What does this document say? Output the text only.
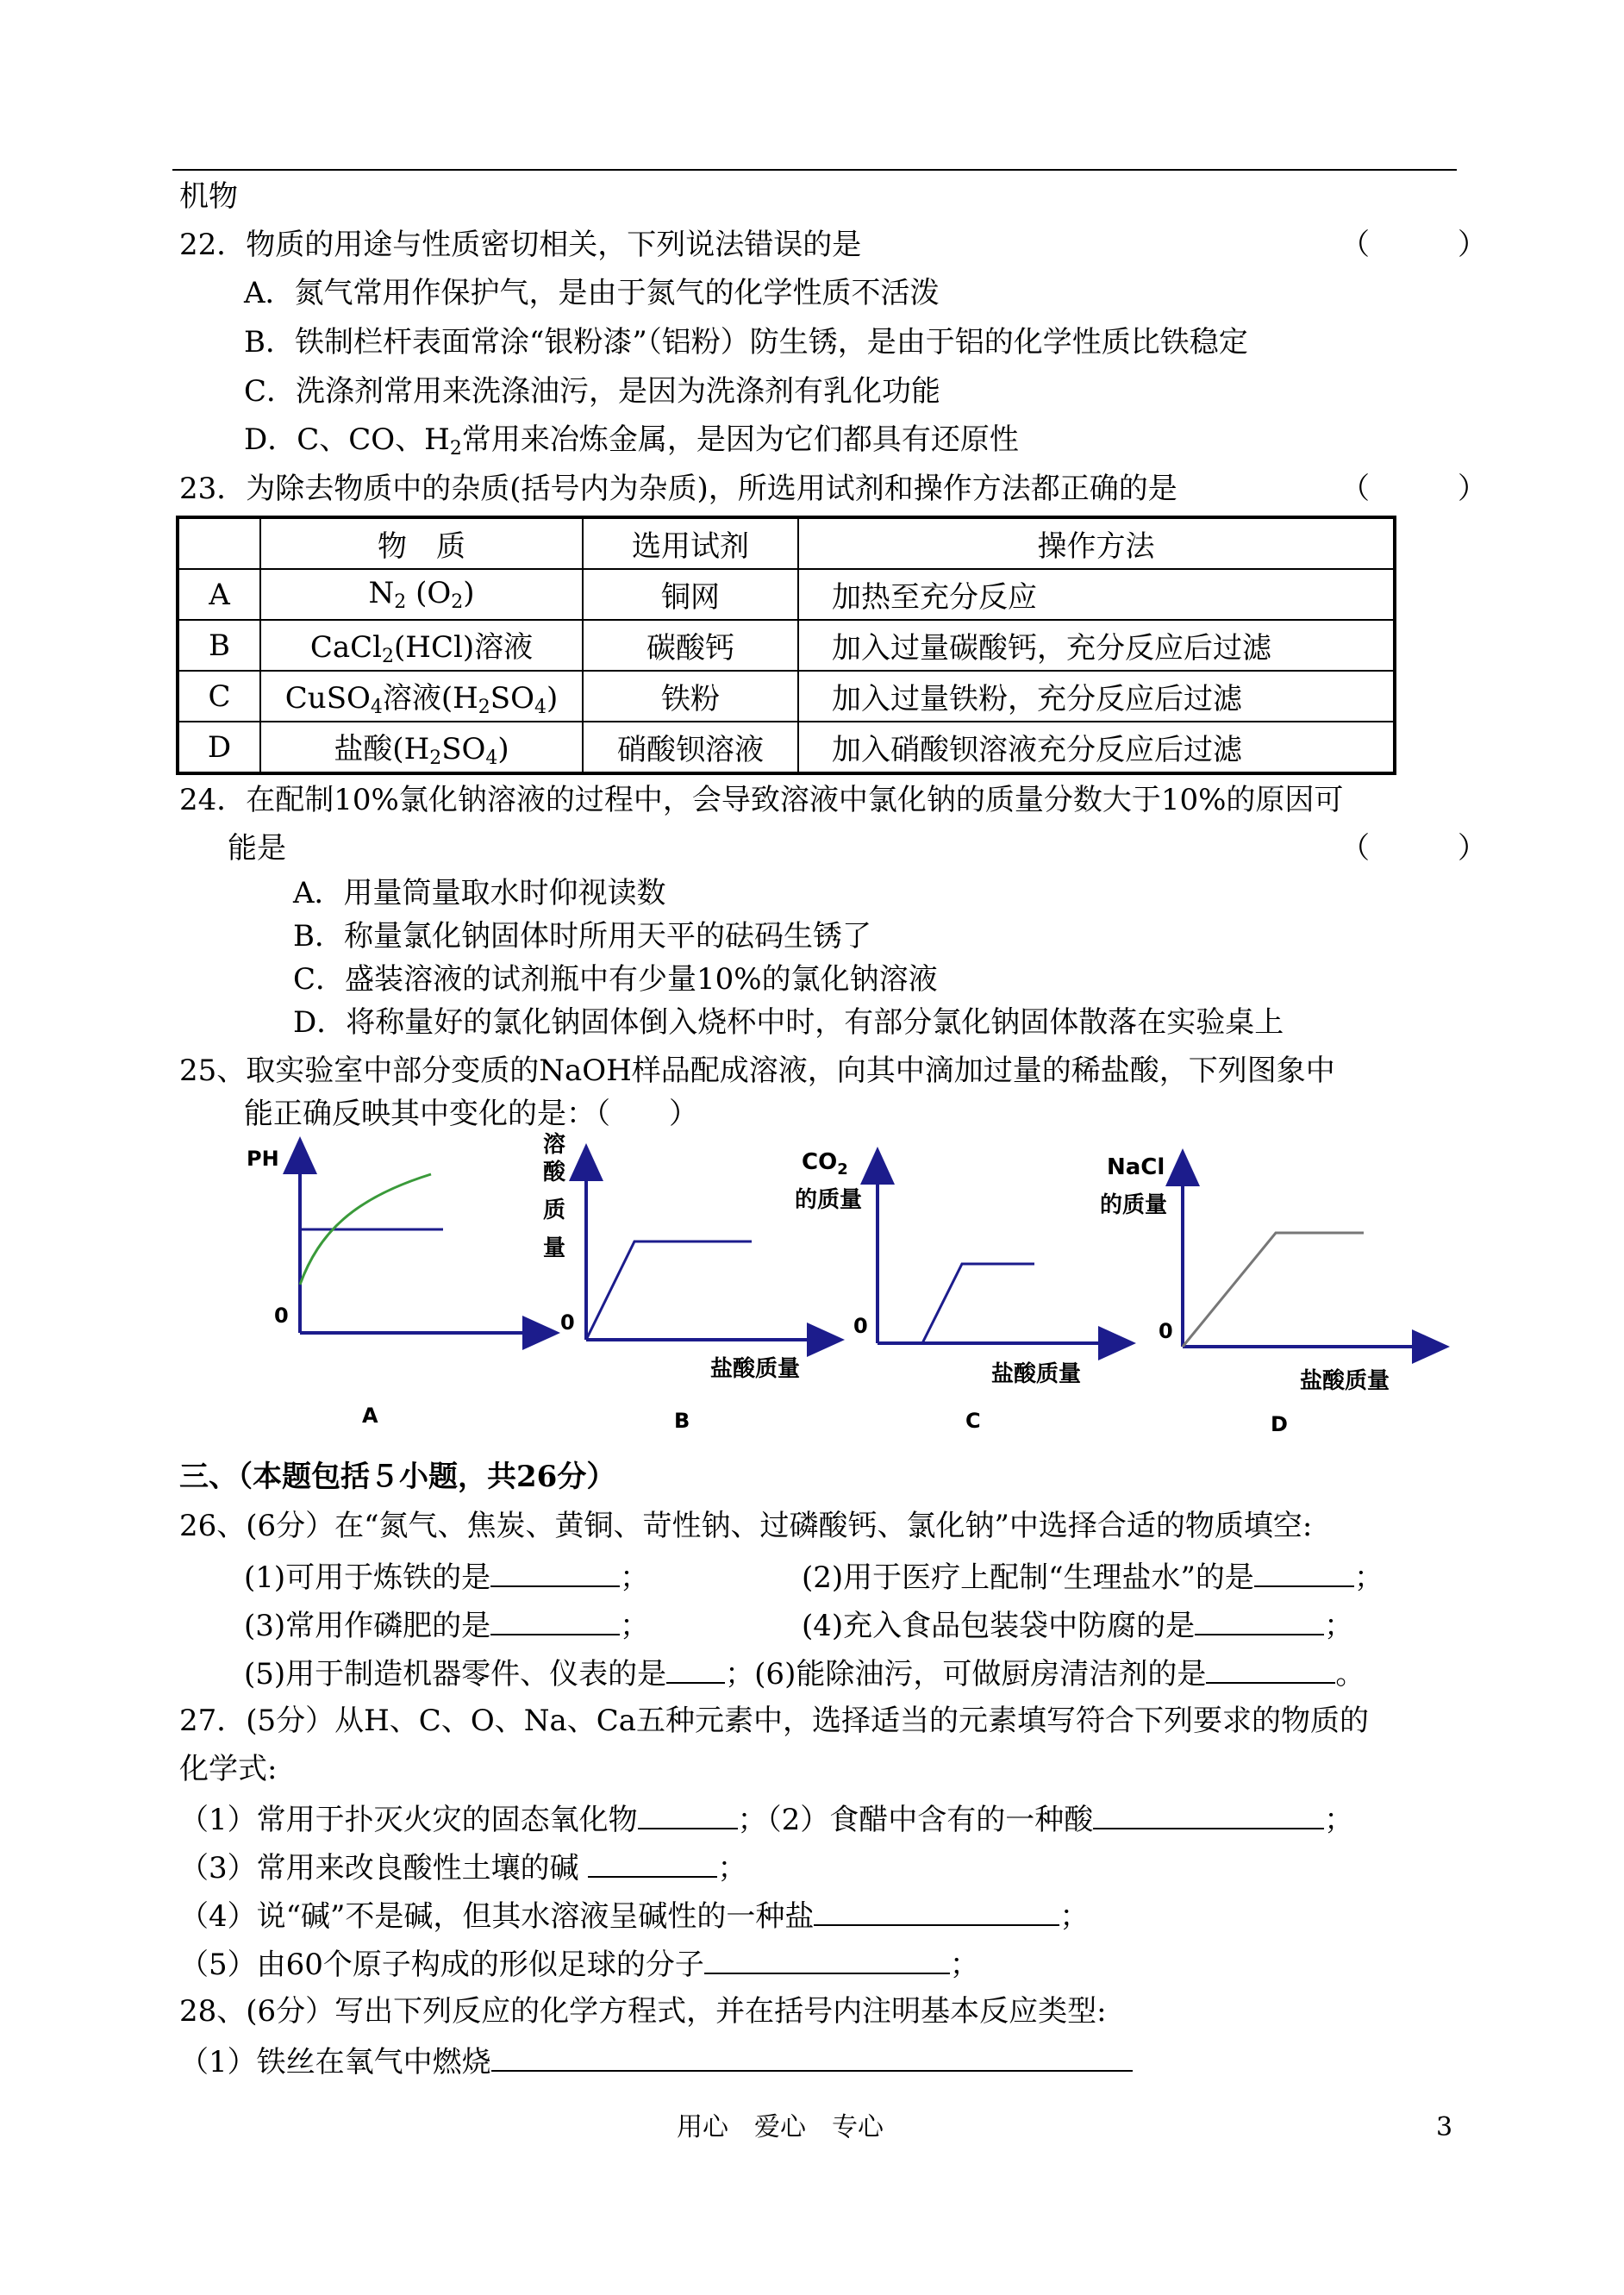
机物
22．物质的用途与性质密切相关，下列说法错误的是	（　　　）
A．氮气常用作保护气，是由于氮气的化学性质不活泼
B．铁制栏杆表面常涂“银粉漆”（铝粉）防生锈，是由于铝的化学性质比铁稳定
C．洗涤剂常用来洗涤油污，是因为洗涤剂有乳化功能
D．C、CO、$H_2$常用来冶炼金属，是因为它们都具有还原性
23．为除去物质中的杂质(括号内为杂质)，所选用试剂和操作方法都正确的是	（　　　）
	物　质	选用试剂	操作方法
A	$N_2$ $(O_2)$	铜网	加热至充分反应
B	CaCl$_2$(HCl)溶液	碳酸钙	加入过量碳酸钙，充分反应后过滤
C	CuSO$_4$溶液$(H_2SO_4)$	铁粉	加入过量铁粉，充分反应后过滤
D	盐酸$(H_2SO_4)$	硝酸钡溶液	加入硝酸钡溶液充分反应后过滤
24．在配制10%氯化钠溶液的过程中，会导致溶液中氯化钠的质量分数大于10%的原因可
能是	（　　　）
A．用量筒量取水时仰视读数
B．称量氯化钠固体时所用天平的砝码生锈了
C．盛装溶液的试剂瓶中有少量10%的氯化钠溶液
D．将称量好的氯化钠固体倒入烧杯中时，有部分氯化钠固体散落在实验桌上
25、取实验室中部分变质的NaOH样品配成溶液，向其中滴加过量的稀盐酸，下列图象中
能正确反映其中变化的是：（　　）
PH
0
A
溶
酸
质
量
0
盐酸质量
B
$CO_2$
的质量
0
盐酸质量
C
NaCl
的质量
0
盐酸质量
D
三、（本题包括５小题，共26分）
26、(6分）在“氮气、焦炭、黄铜、苛性钠、过磷酸钙、氯化钠”中选择合适的物质填空:
(1)可用于炼铁的是	；	(2)用于医疗上配制“生理盐水”的是	；
(3)常用作磷肥的是	；	(4)充入食品包装袋中防腐的是	；
(5)用于制造机器零件、仪表的是 ；(6)能除油污，可做厨房清洁剂的是	。
27．(5分）从H、C、O、Na、Ca五种元素中，选择适当的元素填写符合下列要求的物质的
化学式:
（1）常用于扑灭火灾的固态氧化物	；（2）食醋中含有的一种酸	；
（3）常用来改良酸性土壤的碱	；
（4）说“碱”不是碱，但其水溶液呈碱性的一种盐	；
（5）由60个原子构成的形似足球的分子	；
28、(6分）写出下列反应的化学方程式，并在括号内注明基本反应类型:
（1）铁丝在氧气中燃烧
用心　爱心　专心	3
